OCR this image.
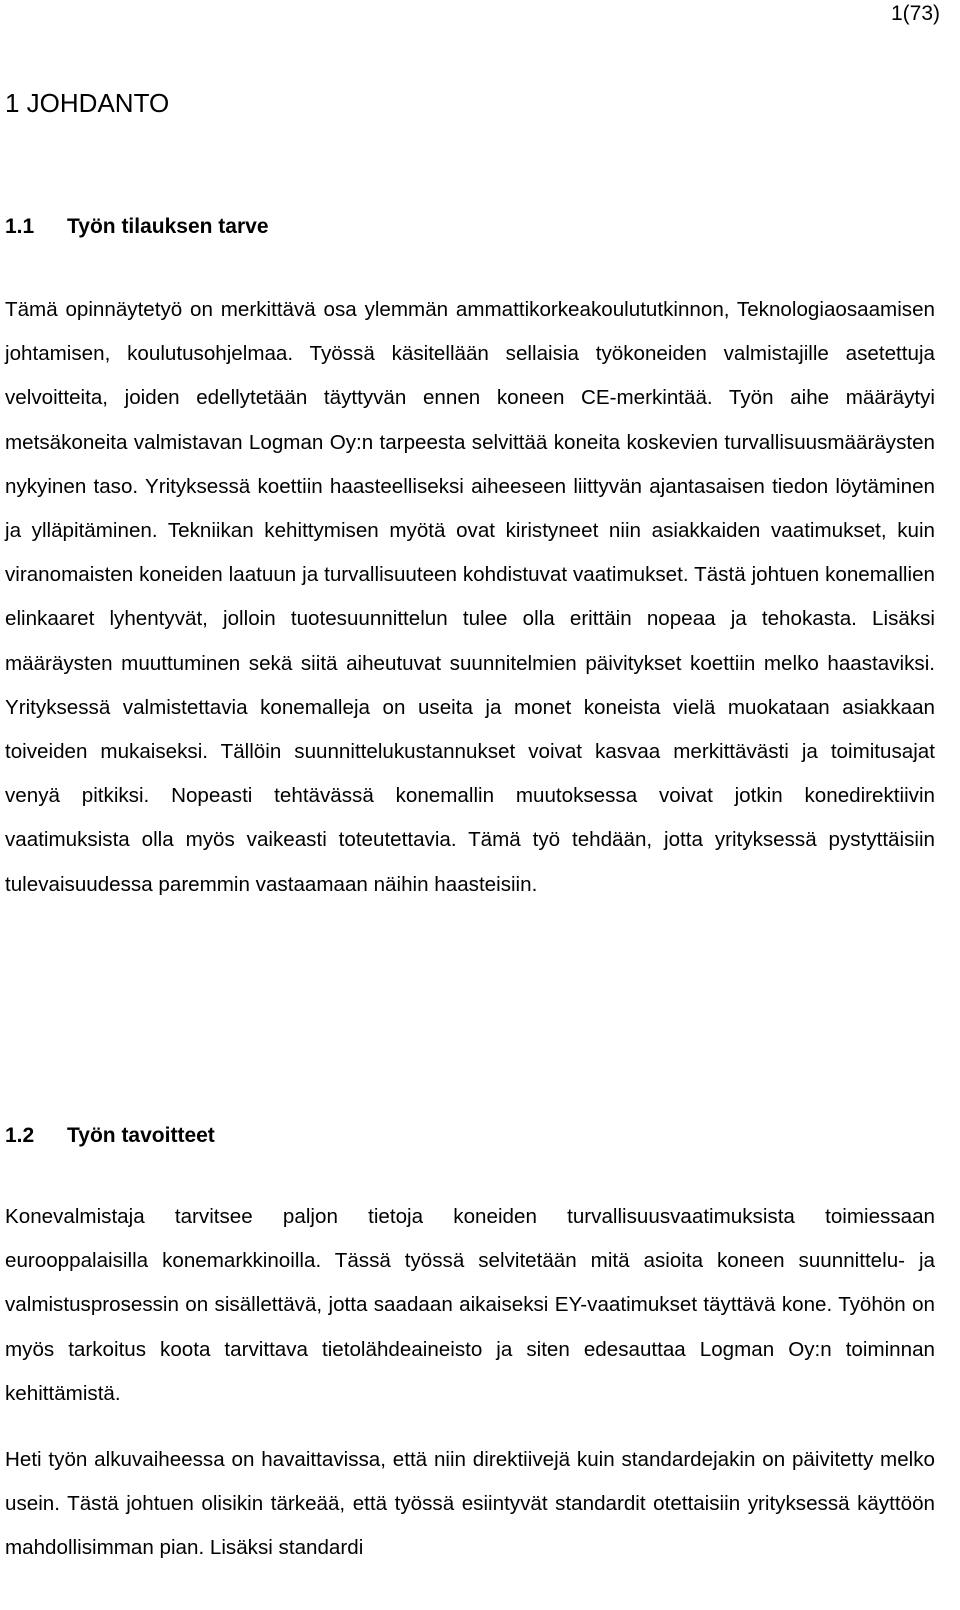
1(73)
1 JOHDANTO
1.1 Työn tilauksen tarve

Tämä opinnäytetyö on merkittävä osa ylemmän ammattikorkeakoulututkinnon, Teknologiaosaamisen johtamisen, koulutusohjelmaa. Työssä käsitellään sellaisia työkoneiden valmistajille asetettuja velvoitteita, joiden edellytetään täyttyvän ennen koneen CE-merkintää. Työn aihe määräytyi metsäkoneita valmistavan Logman Oy:n tarpeesta selvittää koneita koskevien turvallisuusmääräysten nykyinen taso. Yrityksessä koettiin haasteelliseksi aiheeseen liittyvän ajantasaisen tiedon löytäminen ja ylläpitäminen. Tekniikan kehittymisen myötä ovat kiristyneet niin asiakkaiden vaatimukset, kuin viranomaisten koneiden laatuun ja turvallisuuteen kohdistuvat vaatimukset. Tästä johtuen konemallien elinkaaret lyhentyvät, jolloin tuotesuunnittelun tulee olla erittäin nopeaa ja tehokasta. Lisäksi määräysten muuttuminen sekä siitä aiheutuvat suunnitelmien päivitykset koettiin melko haastaviksi. Yrityksessä valmistettavia konemalleja on useita ja monet koneista vielä muokataan asiakkaan toiveiden mukaiseksi. Tällöin suunnittelukustannukset voivat kasvaa merkittävästi ja toimitusajat venyä pitkiksi. Nopeasti tehtävässä konemallin muutoksessa voivat jotkin konedirektiivin vaatimuksista olla myös vaikeasti toteutettavia. Tämä työ tehdään, jotta yrityksessä pystyttäisiin tulevaisuudessa paremmin vastaamaan näihin haasteisiin.

1.2 Työn tavoitteet

Konevalmistaja tarvitsee paljon tietoja koneiden turvallisuusvaatimuksista toimiessaan eurooppalaisilla konemarkkinoilla. Tässä työssä selvitetään mitä asioita koneen suunnittelu- ja valmistusprosessin on sisällettävä, jotta saadaan aikaiseksi EY-vaatimukset täyttävä kone. Työhön on myös tarkoitus koota tarvittava tietolähdeaineisto ja siten edesauttaa Logman Oy:n toiminnan kehittämistä.

Heti työn alkuvaiheessa on havaittavissa, että niin direktiivejä kuin standardejakin on päivitetty melko usein. Tästä johtuen olisikin tärkeää, että työssä esiintyvät standardit otettaisiin yrityksessä käyttöön mahdollisimman pian. Lisäksi standardi
